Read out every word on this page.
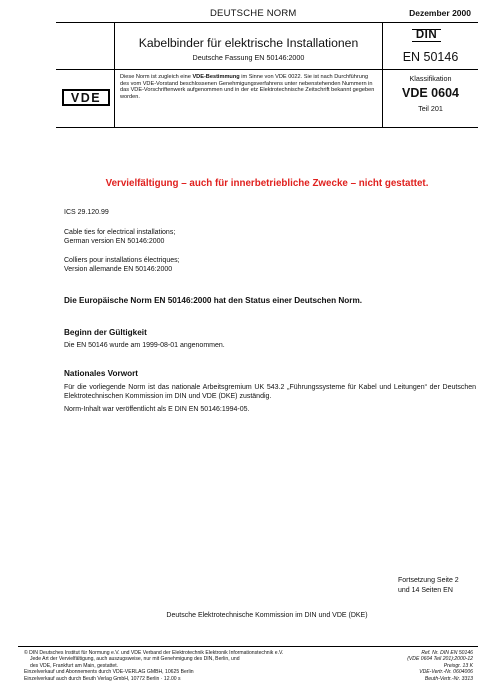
DEUTSCHE NORM	Dezember 2000
Kabelbinder für elektrische Installationen
Deutsche Fassung EN 50146:2000
DIN
EN 50146
VDE
Diese Norm ist zugleich eine VDE-Bestimmung im Sinne von VDE 0022. Sie ist nach Durchführung des vom VDE-Vorstand beschlossenen Genehmigungsverfahrens unter nebenstehenden Nummern in das VDE-Vorschriftenwerk aufgenommen und in der etz Elektrotechnische Zeitschrift bekannt gegeben worden.
Klassifikation
VDE 0604
Teil 201
Vervielfältigung – auch für innerbetriebliche Zwecke – nicht gestattet.
ICS 29.120.99
Cable ties for electrical installations;
German version EN 50146:2000
Colliers pour installations électriques;
Version allemande EN 50146:2000
Die Europäische Norm EN 50146:2000 hat den Status einer Deutschen Norm.
Beginn der Gültigkeit
Die EN 50146 wurde am 1999-08-01 angenommen.
Nationales Vorwort
Für die vorliegende Norm ist das nationale Arbeitsgremium UK 543.2 „Führungssysteme für Kabel und Leitungen“ der Deutschen Elektrotechnischen Kommission im DIN und VDE (DKE) zuständig.
Norm-Inhalt war veröffentlicht als E DIN EN 50146:1994-05.
Fortsetzung Seite 2
und 14 Seiten EN
Deutsche Elektrotechnische Kommission im DIN und VDE (DKE)
© DIN Deutsches Institut für Normung e.V. und VDE Verband der Elektrotechnik Elektronik Informationstechnik e.V.
Jede Art der Vervielfältigung, auch auszugsweise, nur mit Genehmigung des DIN, Berlin, und
des VDE, Frankfurt am Main, gestattet.
Einzelverkauf und Abonnements durch VDE-VERLAG GMBH, 10625 Berlin
Einzelverkauf auch durch Beuth Verlag GmbH, 10772 Berlin · 12.00 s
Ref. Nr. DIN EN 50146
(VDE 0604 Teil 201):2000-12
Preisgr. 13 K
VDE-Vertr.-Nr. 0604006
Beuth-Vertr.-Nr. 3313
